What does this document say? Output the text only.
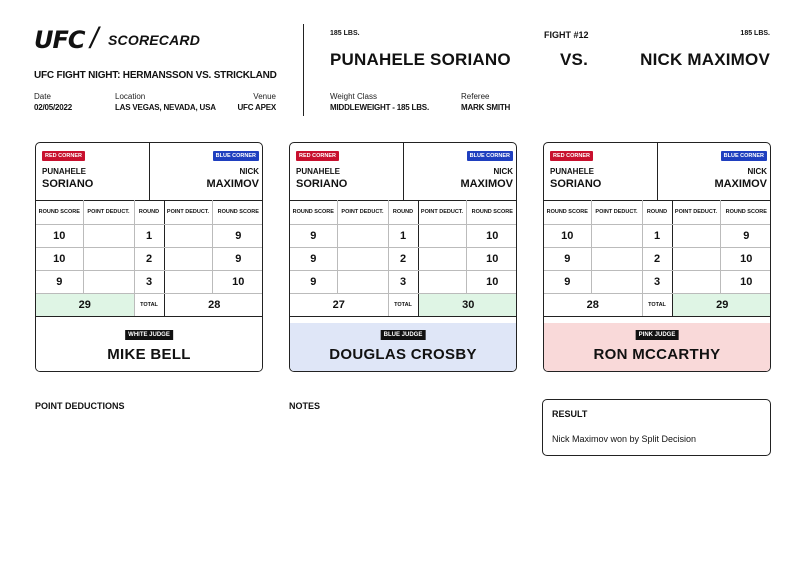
UFC / SCORECARD
UFC FIGHT NIGHT: HERMANSSON VS. STRICKLAND
Date
02/05/2022
Location
LAS VEGAS, NEVADA, USA
Venue
UFC APEX
185 LBS.
PUNAHELE SORIANO
Weight Class
MIDDLEWEIGHT - 185 LBS.
Referee
MARK SMITH
FIGHT #12
VS.
185 LBS.
NICK MAXIMOV
RED CORNER
PUNAHELE
SORIANO
BLUE CORNER
NICK
MAXIMOV
ROUND SCORE	POINT DEDUCT.	ROUND	POINT DEDUCT.	ROUND SCORE
10		1		9
10		2		9
9		3		10
29		TOTAL	28	
WHITE JUDGE
MIKE BELL
RED CORNER
PUNAHELE
SORIANO
BLUE CORNER
NICK
MAXIMOV
ROUND SCORE	POINT DEDUCT.	ROUND	POINT DEDUCT.	ROUND SCORE
9		1		10
9		2		10
9		3		10
27		TOTAL	30	
BLUE JUDGE
DOUGLAS CROSBY
RED CORNER
PUNAHELE
SORIANO
BLUE CORNER
NICK
MAXIMOV
ROUND SCORE	POINT DEDUCT.	ROUND	POINT DEDUCT.	ROUND SCORE
10		1		9
9		2		10
9		3		10
28		TOTAL	29	
PINK JUDGE
RON MCCARTHY
POINT DEDUCTIONS	NOTES
RESULT
Nick Maximov won by Split Decision
